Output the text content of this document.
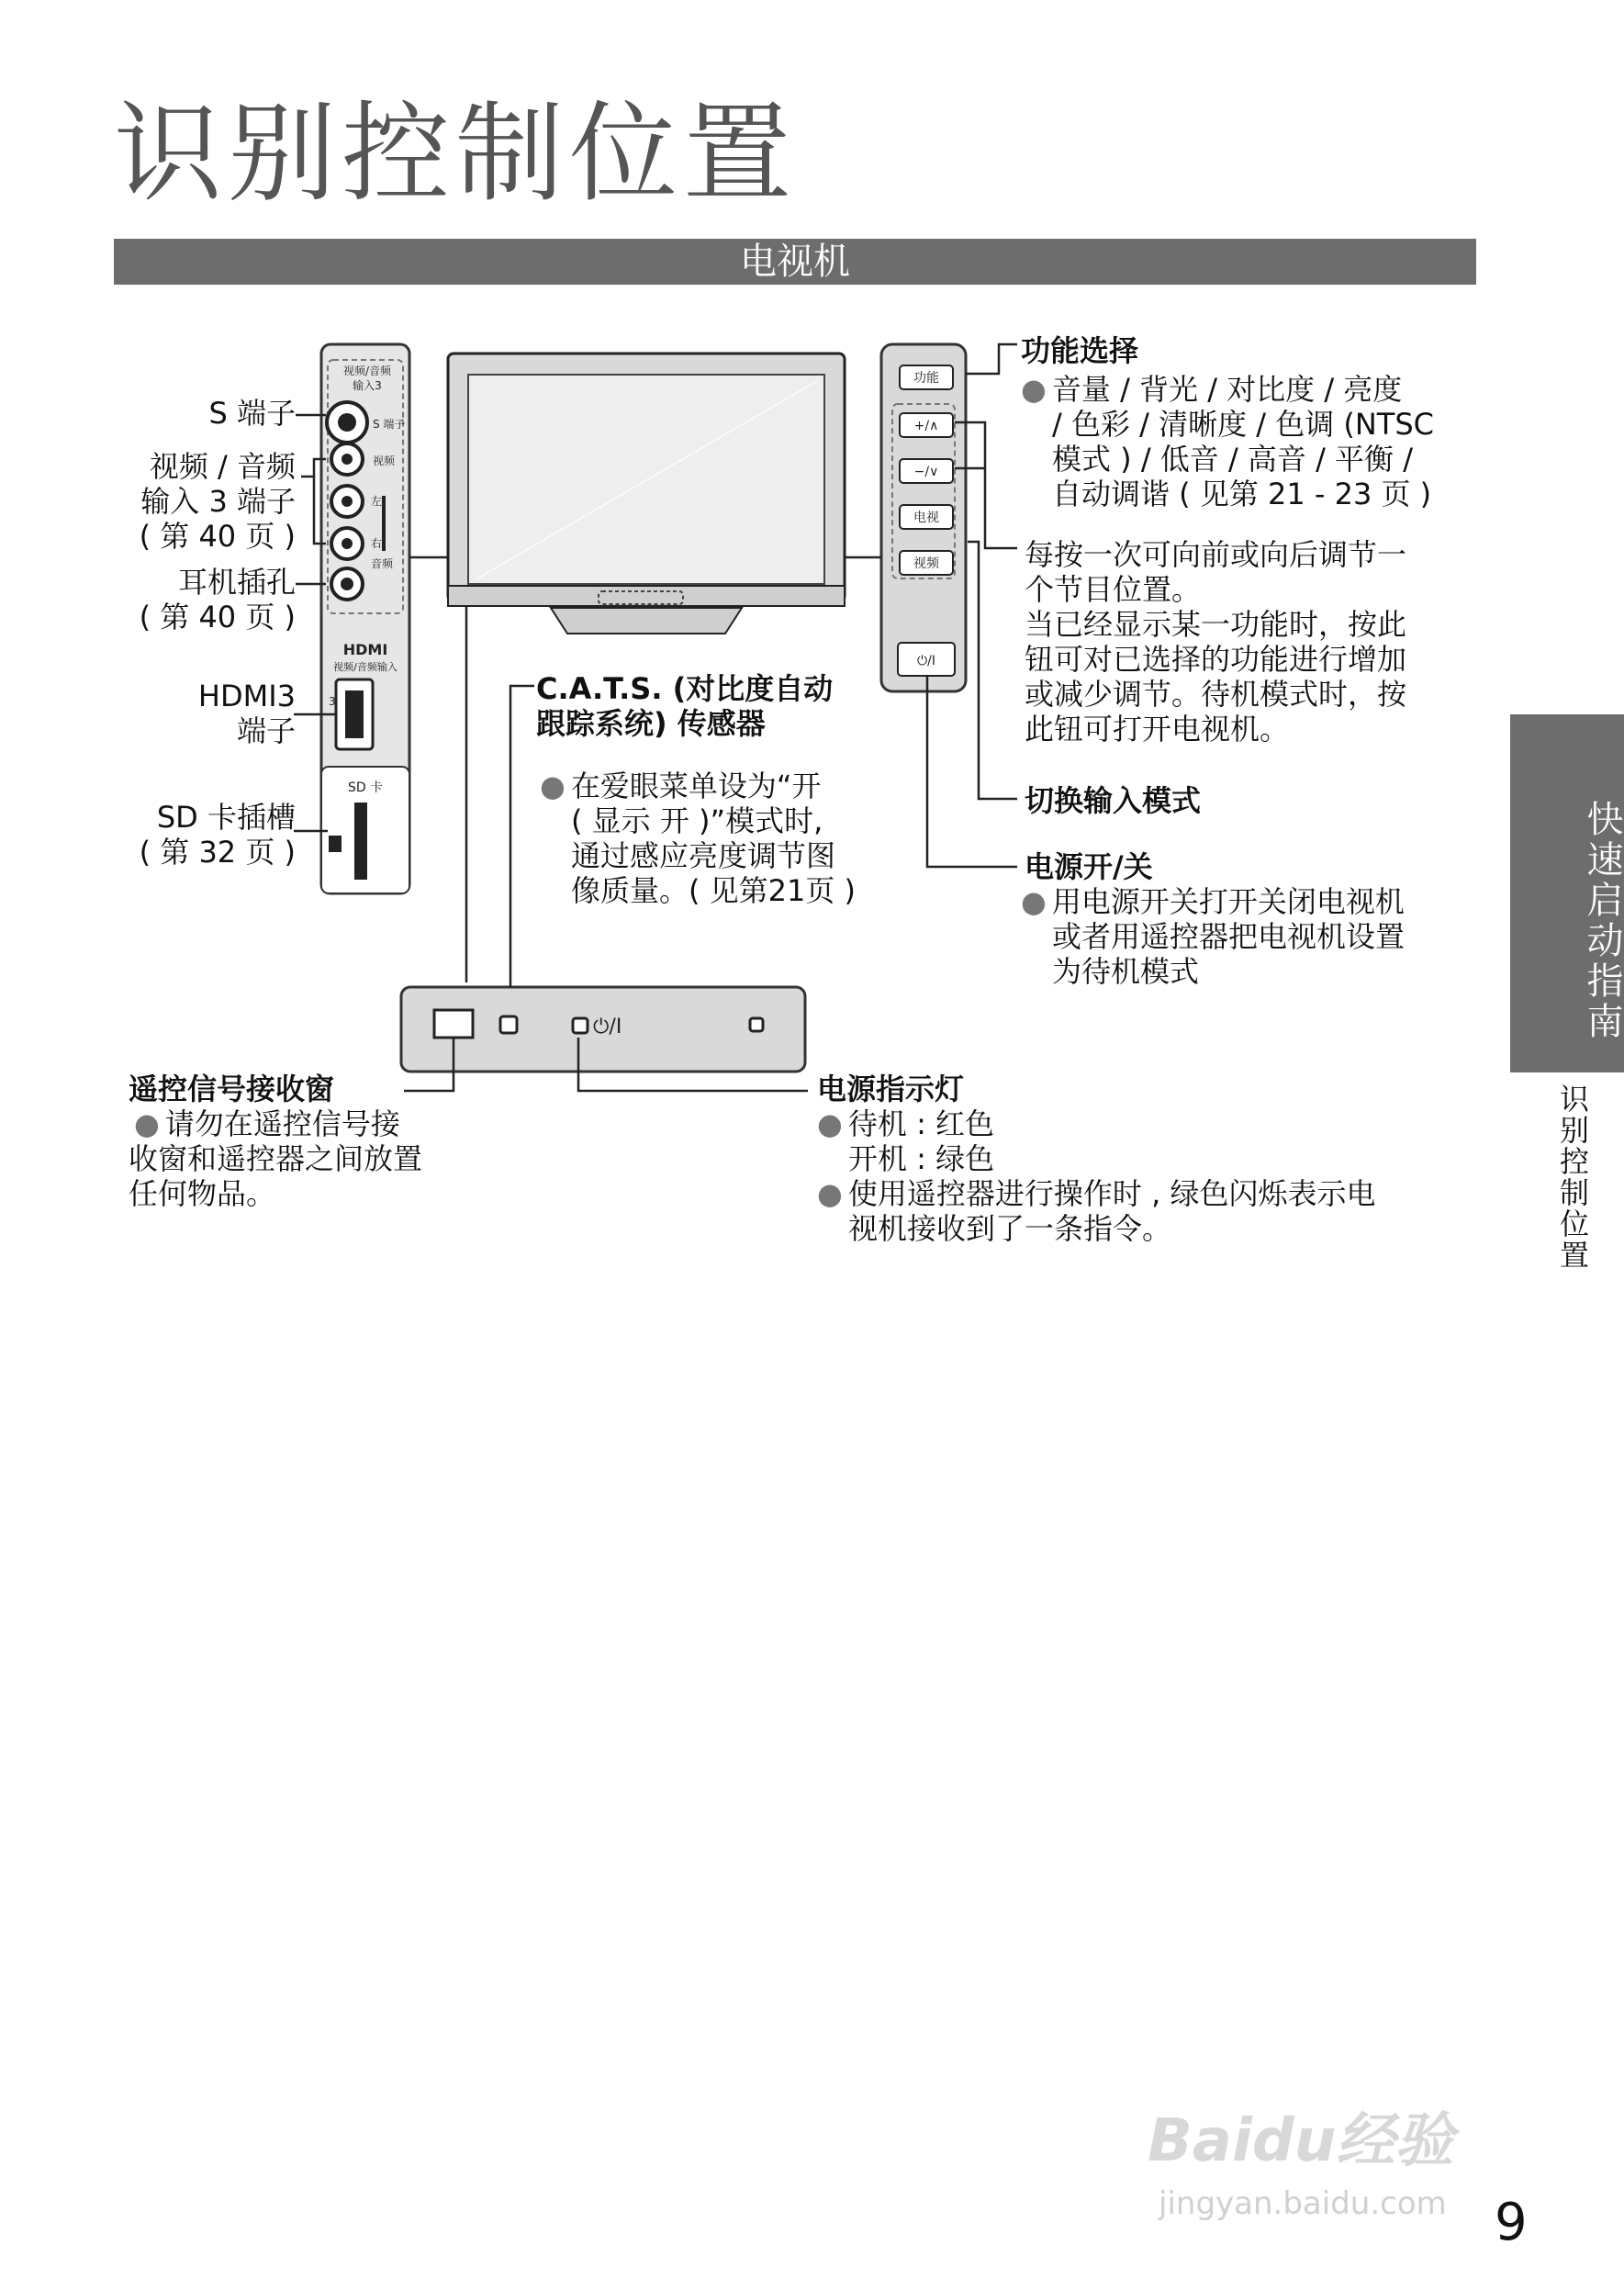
识别控制位置
电视机
视频/音频
输入3
S 端子
视频
左
右
音频
HDMI
视频/音频输入
3
SD 卡
功能
+/∧
−/∨
电视
视频
⏻/I
⏻/I
S 端子
视频 / 音频
输入 3 端子
( 第 40 页 )
耳机插孔
( 第 40 页 )
HDMI3
端子
SD 卡插槽
( 第 32 页 )
C.A.T.S. (对比度自动
跟踪系统) 传感器
● 在爱眼菜单设为“开
( 显示 开 )”模式时,
通过感应亮度调节图
像质量。( 见第21页 )
功能选择
● 音量 / 背光 / 对比度 / 亮度
/ 色彩 / 清晰度 / 色调 (NTSC
模式 ) / 低音 / 高音 / 平衡 /
自动调谐 ( 见第 21 - 23 页 )
每按一次可向前或向后调节一
个节目位置。
当已经显示某一功能时，按此
钮可对已选择的功能进行增加
或减少调节。待机模式时，按
此钮可打开电视机。
切换输入模式
电源开/关
● 用电源开关打开关闭电视机
或者用遥控器把电视机设置
为待机模式
遥控信号接收窗
● 请勿在遥控信号接
收窗和遥控器之间放置
任何物品。
电源指示灯
● 待机 : 红色
开机 : 绿色
● 使用遥控器进行操作时 , 绿色闪烁表示电
视机接收到了一条指令。
快速启动指南
识别控制位置
Baidu经验
jingyan.baidu.com 9
